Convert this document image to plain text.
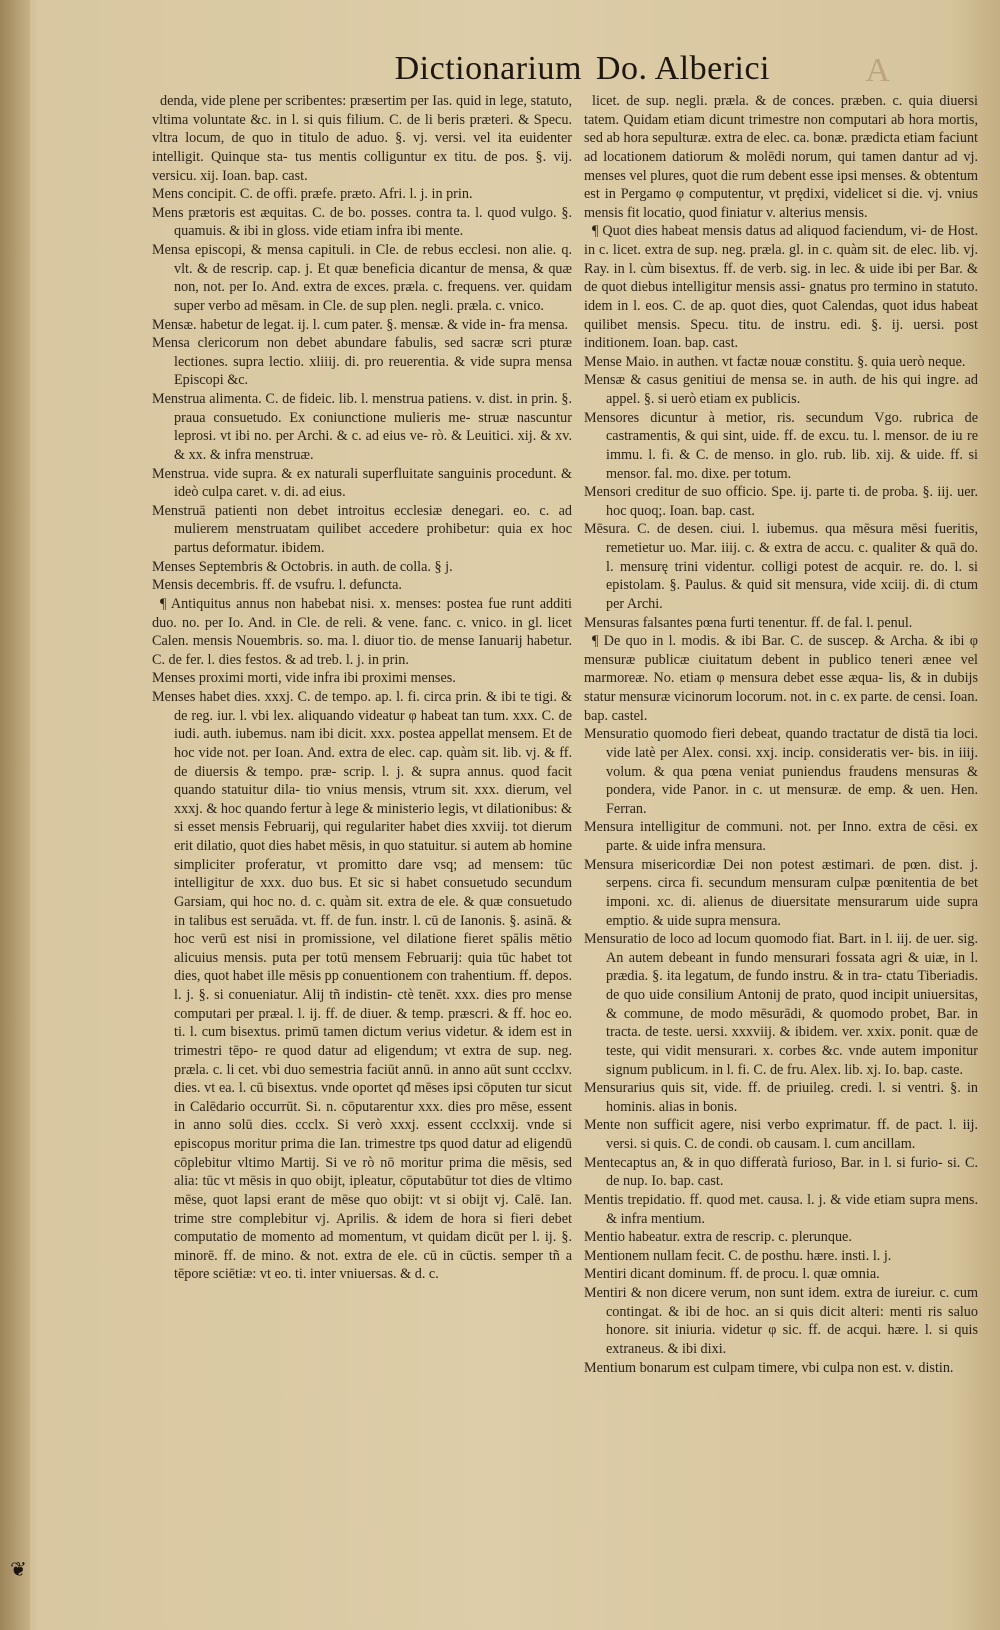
Dictionarium Do. Alberici	A

denda, vide plene per scribentes: præsertim per Ias. quid in lege, statuto, vltima voluntate &c. in l. si quis filium. C. de li beris præteri. & Specu. vltra locum, de quo in titulo de aduo. §. vj. versi. vel ita euidenter intelligit. Quinque sta- tus mentis colliguntur ex titu. de pos. §. vij. versicu. xij. Ioan. bap. cast.

Mens concipit. C. de offi. præfe. præto. Afri. l. j. in prin.

Mens prætoris est æquitas. C. de bo. posses. contra ta. l. quod vulgo. §. quamuis. & ibi in gloss. vide etiam infra ibi mente.

Mensa episcopi, & mensa capituli. in Cle. de rebus ecclesi. non alie. q. vlt. & de rescrip. cap. j. Et quæ beneficia dicantur de mensa, & quæ non, not. per Io. And. extra de exces. præla. c. frequens. ver. quidam super verbo ad mēsam. in Cle. de sup plen. negli. præla. c. vnico.

Mensæ. habetur de legat. ij. l. cum pater. §. mensæ. & vide in- fra mensa.

Mensa clericorum non debet abundare fabulis, sed sacræ scri pturæ lectiones. supra lectio. xliiij. di. pro reuerentia. & vide supra mensa Episcopi &c.

Menstrua alimenta. C. de fideic. lib. l. menstrua patiens. v. dist. in prin. §. praua consuetudo. Ex coniunctione mulieris me- struæ nascuntur leprosi. vt ibi no. per Archi. & c. ad eius ve- rò. & Leuitici. xij. & xv. & xx. & infra menstruæ.

Menstrua. vide supra. & ex naturali superfluitate sanguinis procedunt. & ideò culpa caret. v. di. ad eius.

Menstruā patienti non debet introitus ecclesiæ denegari. eo. c. ad mulierem menstruatam quilibet accedere prohibetur: quia ex hoc partus deformatur. ibidem.

Menses Septembris & Octobris. in auth. de colla. § j.

Mensis decembris. ff. de vsufru. l. defuncta.

¶ Antiquitus annus non habebat nisi. x. menses: postea fue runt additi duo. no. per Io. And. in Cle. de reli. & vene. fanc. c. vnico. in gl. licet Calen. mensis Nouembris. so. ma. l. diuor tio. de mense Ianuarij habetur. C. de fer. l. dies festos. & ad treb. l. j. in prin.

Menses proximi morti, vide infra ibi proximi menses.

Menses habet dies. xxxj. C. de tempo. ap. l. fi. circa prin. & ibi te tigi. & de reg. iur. l. vbi lex. aliquando videatur φ habeat tan tum. xxx. C. de iudi. auth. iubemus. nam ibi dicit. xxx. postea appellat mensem. Et de hoc vide not. per Ioan. And. extra de elec. cap. quàm sit. lib. vj. & ff. de diuersis & tempo. præ- scrip. l. j. & supra annus. quod facit quando statuitur dila- tio vnius mensis, vtrum sit. xxx. dierum, vel xxxj. & hoc quando fertur à lege & ministerio legis, vt dilationibus: & si esset mensis Februarij, qui regulariter habet dies xxviij. tot dierum erit dilatio, quot dies habet mēsis, in quo statuitur. si autem ab homine simpliciter proferatur, vt promitto dare vsq; ad mensem: tūc intelligitur de xxx. duo bus. Et sic si habet consuetudo secundum Garsiam, qui hoc no. d. c. quàm sit. extra de ele. & quæ consuetudo in talibus est seruāda. vt. ff. de fun. instr. l. cū de Ianonis. §. asinā. & hoc verū est nisi in promissione, vel dilatione fieret spālis mētio alicuius mensis. puta per totū mensem Februarij: quia tūc habet tot dies, quot habet ille mēsis pp conuentionem con trahentium. ff. depos. l. j. §. si conueniatur. Alij tñ indistin- ctè tenēt. xxx. dies pro mense computari per præal. l. ij. ff. de diuer. & temp. præscri. & ff. hoc eo. ti. l. cum bisextus. primū tamen dictum verius videtur. & idem est in trimestri tēpo- re quod datur ad eligendum; vt extra de sup. neg. præla. c. li cet. vbi duo semestria faciūt annū. in anno aūt sunt ccclxv. dies. vt ea. l. cū bisextus. vnde oportet qđ mēses ipsi cōputen tur sicut in Calēdario occurrūt. Si. n. cōputarentur xxx. dies pro mēse, essent in anno solū dies. ccclx. Si verò xxxj. essent ccclxxij. vnde si episcopus moritur prima die Ian. trimestre tps quod datur ad eligendū cōplebitur vltimo Martij. Si ve rò nō moritur prima die mēsis, sed alia: tūc vt mēsis in quo obijt, ipleatur, cōputabūtur tot dies de vltimo mēse, quot lapsi erant de mēse quo obijt: vt si obijt vj. Calē. Ian. trime stre complebitur vj. Aprilis. & idem de hora si fieri debet computatio de momento ad momentum, vt quidam dicūt per l. ij. §. minorē. ff. de mino. & not. extra de ele. cū in cūctis. semper tñ a tēpore sciētiæ: vt eo. ti. inter vniuersas. & d. c.

licet. de sup. negli. præla. & de conces. præben. c. quia diuersi tatem. Quidam etiam dicunt trimestre non computari ab hora mortis, sed ab hora sepulturæ. extra de elec. ca. bonæ. prædicta etiam faciunt ad locationem datiorum & molēdi norum, qui tamen dantur ad vj. menses vel plures, quot die rum debent esse ipsi menses. & obtentum est in Pergamo φ computentur, vt prędixi, videlicet si die. vj. vnius mensis fit locatio, quod finiatur v. alterius mensis.

¶ Quot dies habeat mensis datus ad aliquod faciendum, vi- de Host. in c. licet. extra de sup. neg. præla. gl. in c. quàm sit. de elec. lib. vj. Ray. in l. cùm bisextus. ff. de verb. sig. in lec. & uide ibi per Bar. & de quot diebus intelligitur mensis assi- gnatus pro termino in statuto. idem in l. eos. C. de ap. quot dies, quot Calendas, quot idus habeat quilibet mensis. Specu. titu. de instru. edi. §. ij. uersi. post inditionem. Ioan. bap. cast.

Mense Maio. in authen. vt factæ nouæ constitu. §. quia uerò neque.

Mensæ & casus genitiui de mensa se. in auth. de his qui ingre. ad appel. §. si uerò etiam ex publicis.

Mensores dicuntur à metior, ris. secundum Vgo. rubrica de castramentis, & qui sint, uide. ff. de excu. tu. l. mensor. de iu re immu. l. fi. & C. de menso. in glo. rub. lib. xij. & uide. ff. si mensor. fal. mo. dixe. per totum.

Mensori creditur de suo officio. Spe. ij. parte ti. de proba. §. iij. uer. hoc quoq;. Ioan. bap. cast.

Mēsura. C. de desen. ciui. l. iubemus. qua mēsura mēsi fueritis, remetietur uo. Mar. iiij. c. & extra de accu. c. qualiter & quā do. l. mensurę trini videntur. colligi potest de acquir. re. do. l. si epistolam. §. Paulus. & quid sit mensura, vide xciij. di. di ctum per Archi.

Mensuras falsantes pœna furti tenentur. ff. de fal. l. penul.

¶ De quo in l. modis. & ibi Bar. C. de suscep. & Archa. & ibi φ mensuræ publicæ ciuitatum debent in publico teneri ænee vel marmoreæ. No. etiam φ mensura debet esse æqua- lis, & in dubijs statur mensuræ vicinorum locorum. not. in c. ex parte. de censi. Ioan. bap. castel.

Mensuratio quomodo fieri debeat, quando tractatur de distā tia loci. vide latè per Alex. consi. xxj. incip. consideratis ver- bis. in iiij. volum. & qua pœna veniat puniendus fraudens mensuras & pondera, vide Panor. in c. ut mensuræ. de emp. & uen. Hen. Ferran.

Mensura intelligitur de communi. not. per Inno. extra de cēsi. ex parte. & uide infra mensura.

Mensura misericordiæ Dei non potest æstimari. de pœn. dist. j. serpens. circa fi. secundum mensuram culpæ pœnitentia de bet imponi. xc. di. alienus de diuersitate mensurarum uide supra emptio. & uide supra mensura.

Mensuratio de loco ad locum quomodo fiat. Bart. in l. iij. de uer. sig. An autem debeant in fundo mensurari fossata agri & uiæ, in l. prædia. §. ita legatum, de fundo instru. & in tra- ctatu Tiberiadis. de quo uide consilium Antonij de prato, quod incipit uniuersitas, & commune, de modo mēsurādi, & quomodo probet, Bar. in tracta. de teste. uersi. xxxviij. & ibidem. ver. xxix. ponit. quæ de teste, qui vidit mensurari. x. corbes &c. vnde autem imponitur signum publicum. in l. fi. C. de fru. Alex. lib. xj. Io. bap. caste.

Mensurarius quis sit, vide. ff. de priuileg. credi. l. si ventri. §. in hominis. alias in bonis.

Mente non sufficit agere, nisi verbo exprimatur. ff. de pact. l. iij. versi. si quis. C. de condi. ob causam. l. cum ancillam.

Mentecaptus an, & in quo differatà furioso, Bar. in l. si furio- si. C. de nup. Io. bap. cast.

Mentis trepidatio. ff. quod met. causa. l. j. & vide etiam supra mens. & infra mentium.

Mentio habeatur. extra de rescrip. c. plerunque.

Mentionem nullam fecit. C. de posthu. hære. insti. l. j.

Mentiri dicant dominum. ff. de procu. l. quæ omnia.

Mentiri & non dicere verum, non sunt idem. extra de iureiur. c. cum contingat. & ibi de hoc. an si quis dicit alteri: menti ris saluo honore. sit iniuria. videtur φ sic. ff. de acqui. hære. l. si quis extraneus. & ibi dixi.

Mentium bonarum est culpam timere, vbi culpa non est. v. distin.

❦
